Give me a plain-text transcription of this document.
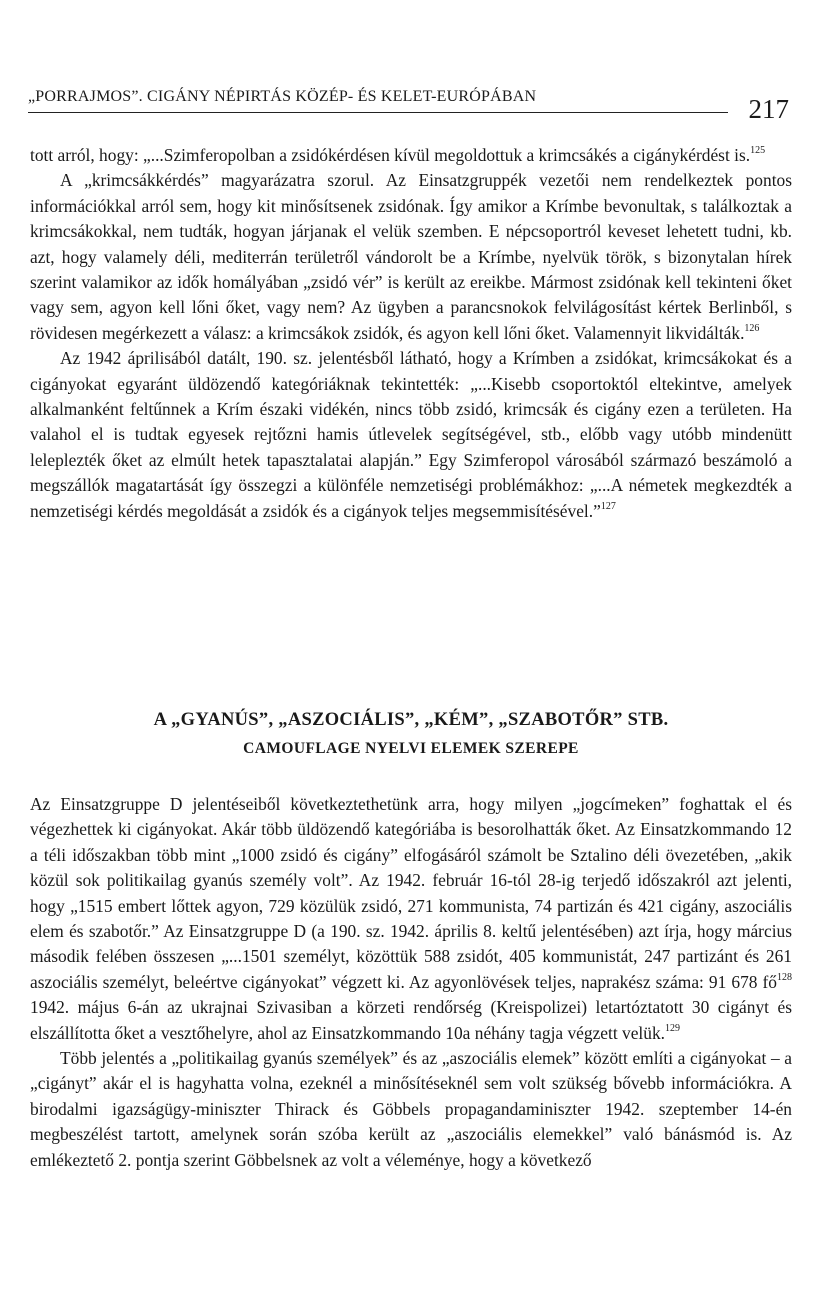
„PORRAJMOS”. CIGÁNY NÉPIRTÁS KÖZÉP- ÉS KELET-EURÓPÁBAN	217

tott arról, hogy: „...Szimferopolban a zsidókérdésen kívül megoldottuk a krimcsákés a cigánykérdést is.$^{125}$

A „krimcsákkérdés” magyarázatra szorul. Az Einsatzgruppék vezetői nem rendelkeztek pontos információkkal arról sem, hogy kit minősítsenek zsidónak. Így amikor a Krímbe bevonultak, s találkoztak a krimcsákokkal, nem tudták, hogyan járjanak el velük szemben. E népcsoportról keveset lehetett tudni, kb. azt, hogy valamely déli, mediterrán területről vándorolt be a Krímbe, nyelvük török, s bizonytalan hírek szerint valamikor az idők homályában „zsidó vér” is került az ereikbe. Mármost zsidónak kell tekinteni őket vagy sem, agyon kell lőni őket, vagy nem? Az ügyben a parancsnokok felvilágosítást kértek Berlinből, s rövidesen megérkezett a válasz: a krimcsákok zsidók, és agyon kell lőni őket. Valamennyit likvidálták.$^{126}$

Az 1942 áprilisából datált, 190. sz. jelentésből látható, hogy a Krímben a zsidókat, krimcsákokat és a cigányokat egyaránt üldözendő kategóriáknak tekintették: „...Kisebb csoportoktól eltekintve, amelyek alkalmanként feltűnnek a Krím északi vidékén, nincs több zsidó, krimcsák és cigány ezen a területen. Ha valahol el is tudtak egyesek rejtőzni hamis útlevelek segítségével, stb., előbb vagy utóbb mindenütt leleplezték őket az elmúlt hetek tapasztalatai alapján.” Egy Szimferopol városából származó beszámoló a megszállók magatartását így összegzi a különféle nemzetiségi problémákhoz: „...A németek megkezdték a nemzetiségi kérdés megoldását a zsidók és a cigányok teljes megsemmisítésével.”$^{127}$

A „GYANÚS”, „ASZOCIÁLIS”, „KÉM”, „SZABOTŐR” STB.
CAMOUFLAGE NYELVI ELEMEK SZEREPE

Az Einsatzgruppe D jelentéseiből következtethetünk arra, hogy milyen „jogcímeken” foghattak el és végezhettek ki cigányokat. Akár több üldözendő kategóriába is besorolhatták őket. Az Einsatzkommando 12 a téli időszakban több mint „1000 zsidó és cigány” elfogásáról számolt be Sztalino déli övezetében, „akik közül sok politikailag gyanús személy volt”. Az 1942. február 16-tól 28-ig terjedő időszakról azt jelenti, hogy „1515 embert lőttek agyon, 729 közülük zsidó, 271 kommunista, 74 partizán és 421 cigány, aszociális elem és szabotőr.” Az Einsatzgruppe D (a 190. sz. 1942. április 8. keltű jelentésében) azt írja, hogy március második felében összesen „...1501 személyt, közöttük 588 zsidót, 405 kommunistát, 247 partizánt és 261 aszociális személyt, beleértve cigányokat” végzett ki. Az agyonlövések teljes, naprakész száma: 91 678 $fő^{128}$ 1942. május 6-án az ukrajnai Szivasiban a körzeti rendőrség (Kreispolizei) letartóztatott 30 cigányt és elszállította őket a vesztőhelyre, ahol az Einsatzkommando 10a néhány tagja végzett velük.$^{129}$

Több jelentés a „politikailag gyanús személyek” és az „aszociális elemek” között említi a cigányokat – a „cigányt” akár el is hagyhatta volna, ezeknél a minősítéseknél sem volt szükség bővebb információkra. A birodalmi igazságügy-miniszter Thirack és Göbbels propagandaminiszter 1942. szeptember 14-én megbeszélést tartott, amelynek során szóba került az „aszociális elemekkel” való bánásmód is. Az emlékeztető 2. pontja szerint Göbbelsnek az volt a véleménye, hogy a következő
